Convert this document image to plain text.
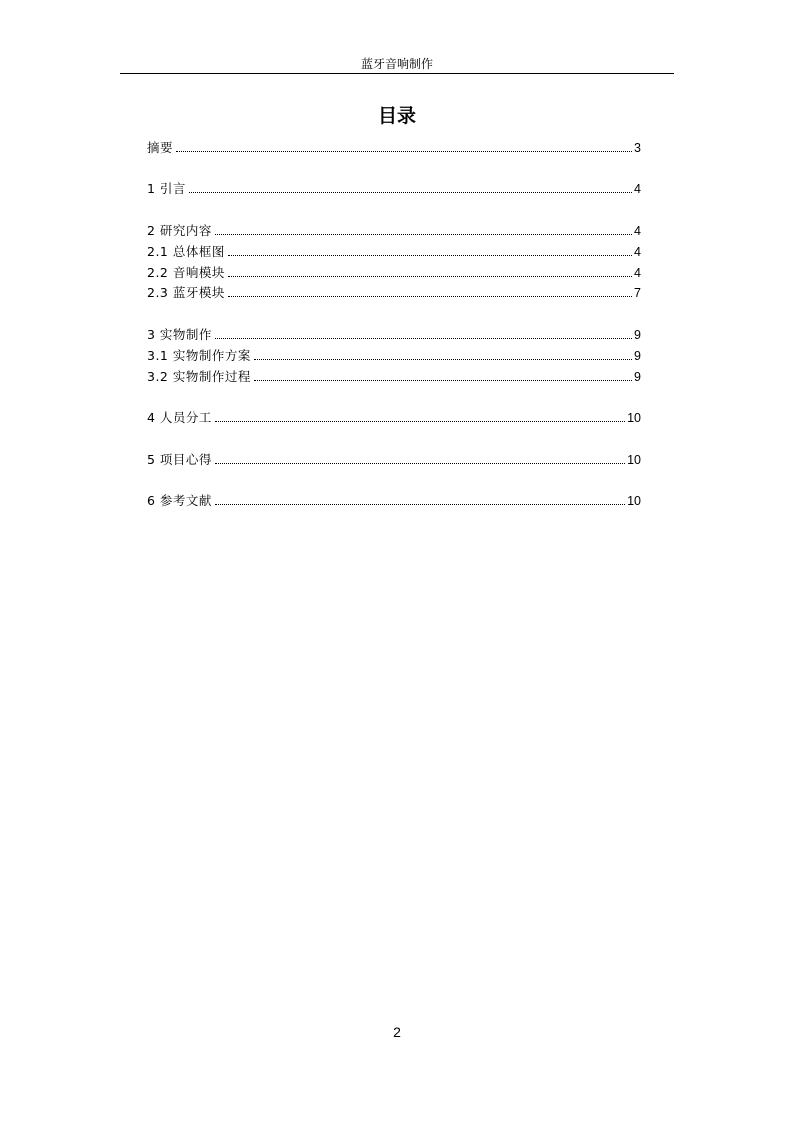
蓝牙音响制作
目录
摘要	3
1 引言	4
2 研究内容	4
2.1 总体框图	4
2.2 音响模块	4
2.3 蓝牙模块	7
3 实物制作	9
3.1 实物制作方案	9
3.2 实物制作过程	9
4 人员分工	10
5 项目心得	10
6 参考文献	10
2
